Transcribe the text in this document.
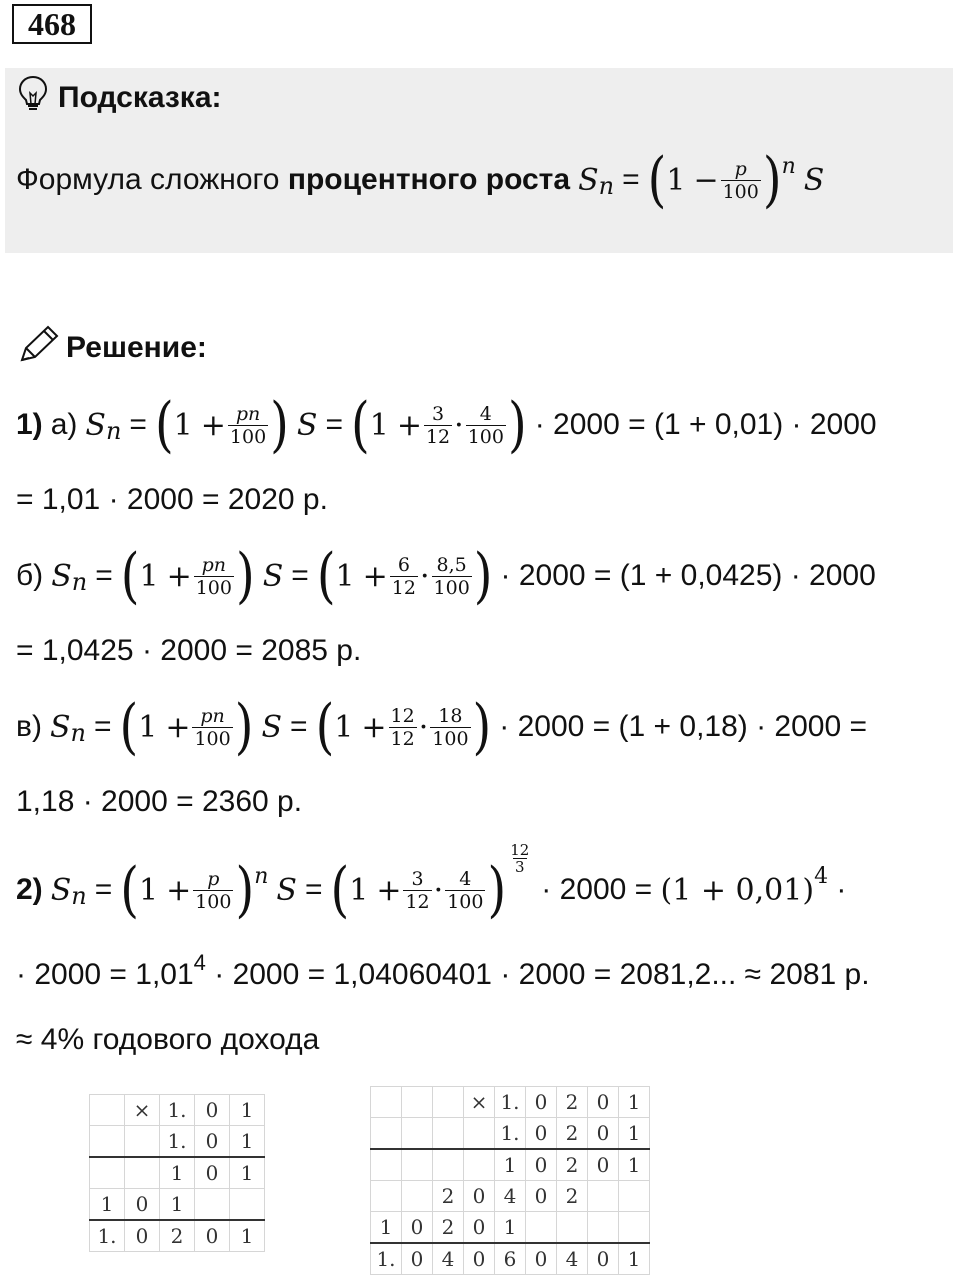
468
Подсказка:
Формула сложного процентного роста $S_n$ = ( $1 - \frac{p}{100} )^n$ S
Решение:
1) а) $S_n$ = ( $1 + \frac{pn}{100}$ ) S = ( $1 + \frac{3}{12} \cdot \frac{4}{100}$ ) · 2000 = (1 + 0,01) · 2000
= 1,01 · 2000 = 2020 р.
б) $S_n$ = ( $1 + \frac{pn}{100}$ ) S = ( $1 + \frac{6}{12} \cdot \frac{8,5}{100}$ ) · 2000 = (1 + 0,0425) · 2000
= 1,0425 · 2000 = 2085 р.
в) $S_n$ = ( $1 + \frac{pn}{100}$ ) S = ( $1 + \frac{12}{12} \cdot \frac{18}{100}$ ) · 2000 = (1 + 0,18) · 2000 =
1,18 · 2000 = 2360 р.
2) $S_n$ = ( $1 + \frac{p}{100} )^n$ S = ( $1 + \frac{3}{12} \cdot \frac{4}{100}$ ) $\frac{12}{3}$
· $2000 = (1 + 0,01)^4$ ·
· $2000 = 1,01^4 \cdot 2000 = 1,04060401 \cdot 2000 = 2081,2$... ≈ 2081 р.
≈ 4% годового дохода
	×	1.	0	1
		1.	0	1
		1	0	1
1	0	1		
1.	0	2	0	1
			×	1.	0	2	0	1
				1.	0	2	0	1
				1	0	2	0	1
		2	0	4	0	2		
1	0	2	0	1				
1.	0	4	0	6	0	4	0	1
